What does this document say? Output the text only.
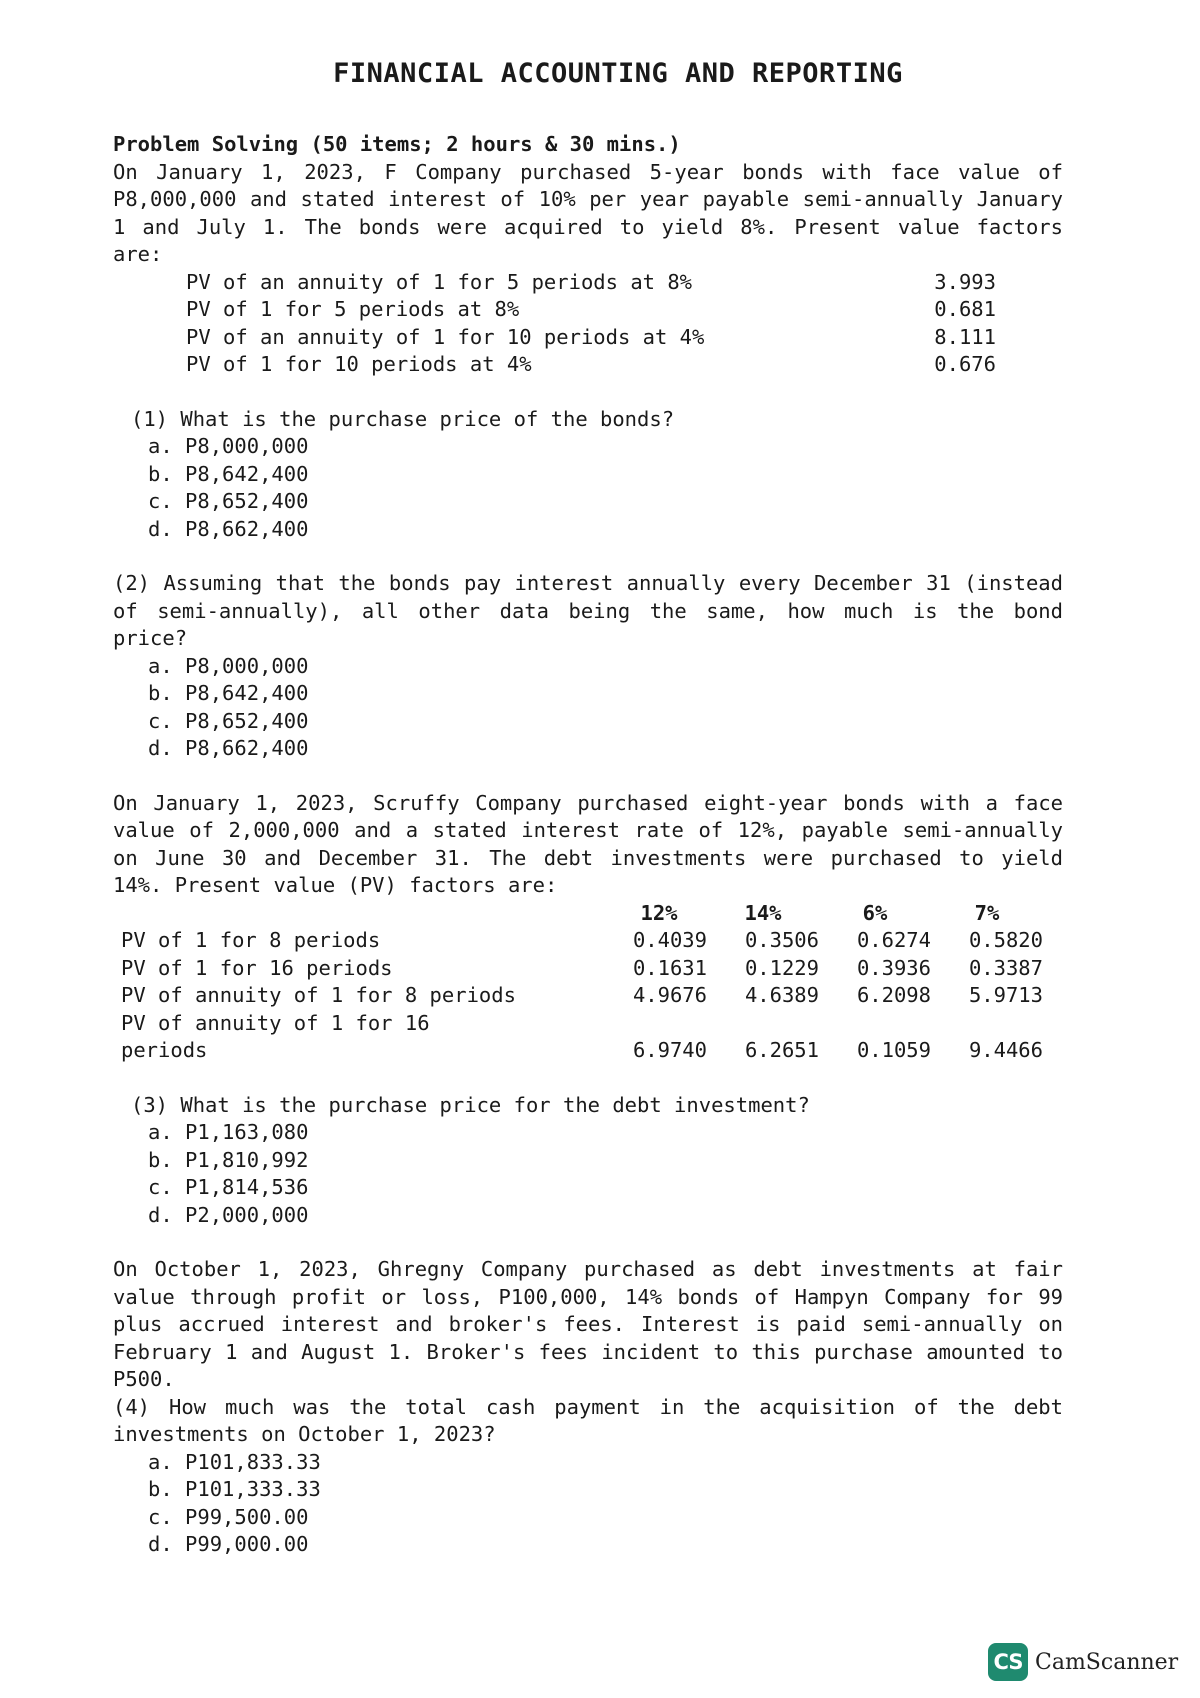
FINANCIAL ACCOUNTING AND REPORTING
Problem Solving (50 items; 2 hours & 30 mins.)
On January 1, 2023, F Company purchased 5-year bonds with face value of P8,000,000 and stated interest of 10% per year payable semi-annually January 1 and July 1. The bonds were acquired to yield 8%. Present value factors are:
PV of an annuity of 1 for 5 periods at 8%	3.993
PV of 1 for 5 periods at 8%	0.681
PV of an annuity of 1 for 10 periods at 4%	8.111
PV of 1 for 10 periods at 4%	0.676
(1) What is the purchase price of the bonds?
a. P8,000,000
b. P8,642,400
c. P8,652,400
d. P8,662,400
(2) Assuming that the bonds pay interest annually every December 31 (instead of semi-annually), all other data being the same, how much is the bond price?
a. P8,000,000
b. P8,642,400
c. P8,652,400
d. P8,662,400
On January 1, 2023, Scruffy Company purchased eight-year bonds with a face value of 2,000,000 and a stated interest rate of 12%, payable semi-annually on June 30 and December 31. The debt investments were purchased to yield 14%. Present value (PV) factors are:
	12%	14%	6%	7%
PV of 1 for 8 periods	0.4039	0.3506	0.6274	0.5820
PV of 1 for 16 periods	0.1631	0.1229	0.3936	0.3387
PV of annuity of 1 for 8 periods	4.9676	4.6389	6.2098	5.9713
PV of annuity of 1 for 16
periods	6.9740	6.2651	0.1059	9.4466
(3) What is the purchase price for the debt investment?
a. P1,163,080
b. P1,810,992
c. P1,814,536
d. P2,000,000
On October 1, 2023, Ghregny Company purchased as debt investments at fair value through profit or loss, P100,000, 14% bonds of Hampyn Company for 99 plus accrued interest and broker's fees. Interest is paid semi-annually on February 1 and August 1. Broker's fees incident to this purchase amounted to P500.
(4) How much was the total cash payment in the acquisition of the debt investments on October 1, 2023?
a. P101,833.33
b. P101,333.33
c. P99,500.00
d. P99,000.00
CS CamScanner
